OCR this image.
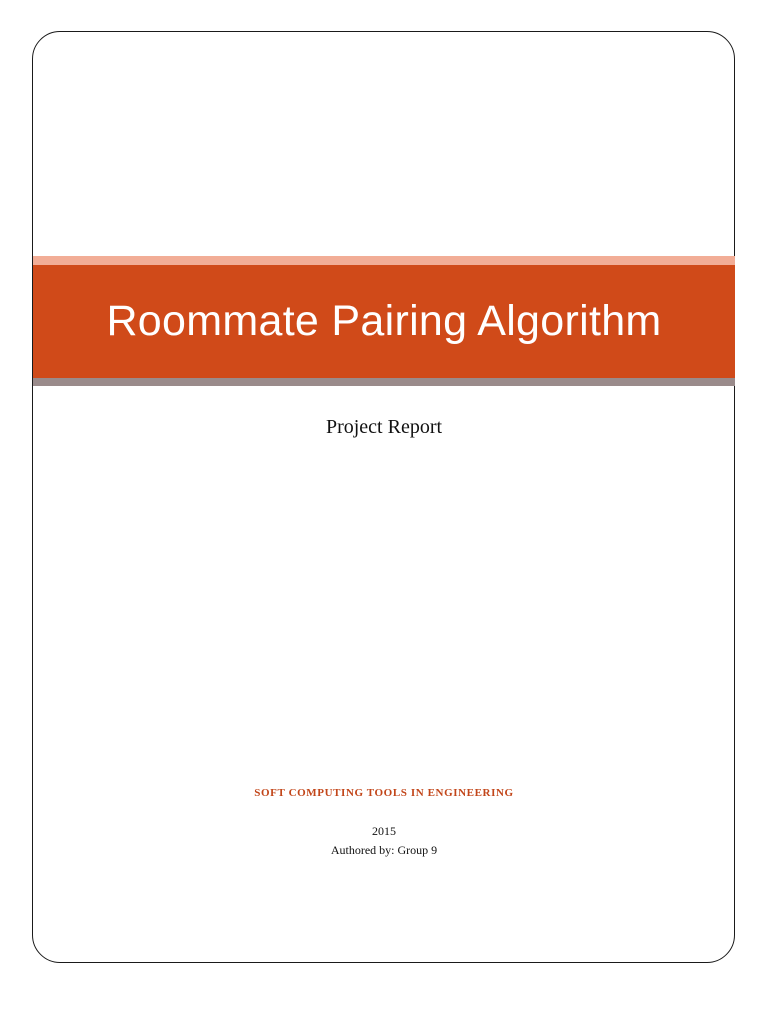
Roommate Pairing Algorithm
Project Report
SOFT COMPUTING TOOLS IN ENGINEERING
2015
Authored by: Group 9
